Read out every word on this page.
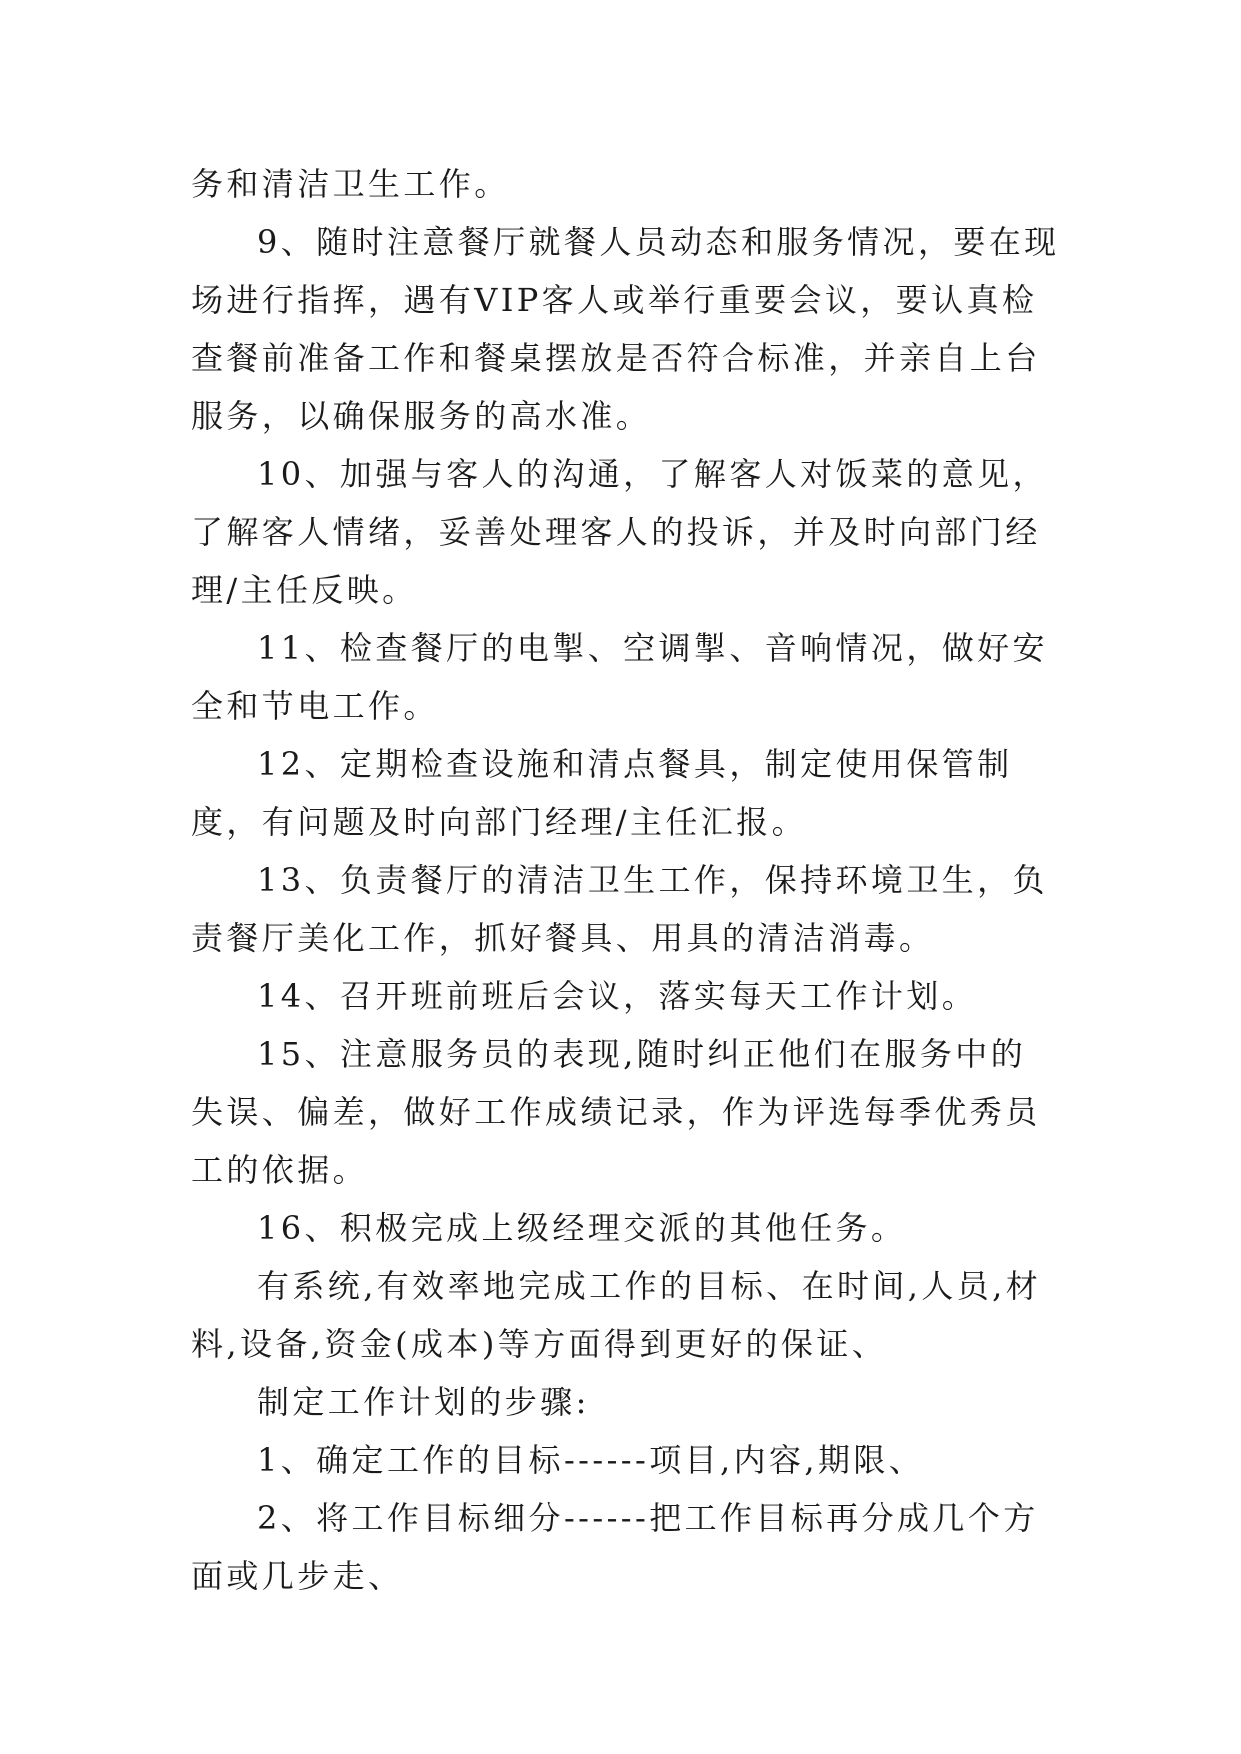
务和清洁卫生工作。

9、随时注意餐厅就餐人员动态和服务情况，要在现场进行指挥，遇有VIP客人或举行重要会议，要认真检查餐前准备工作和餐桌摆放是否符合标准，并亲自上台服务，以确保服务的高水准。

10、加强与客人的沟通，了解客人对饭菜的意见，了解客人情绪，妥善处理客人的投诉，并及时向部门经理/主任反映。

11、检查餐厅的电掣、空调掣、音响情况，做好安全和节电工作。

12、定期检查设施和清点餐具，制定使用保管制度，有问题及时向部门经理/主任汇报。

13、负责餐厅的清洁卫生工作，保持环境卫生，负责餐厅美化工作，抓好餐具、用具的清洁消毒。

14、召开班前班后会议，落实每天工作计划。

15、注意服务员的表现,随时纠正他们在服务中的失误、偏差，做好工作成绩记录，作为评选每季优秀员工的依据。

16、积极完成上级经理交派的其他任务。

有系统,有效率地完成工作的目标、在时间,人员,材料,设备,资金(成本)等方面得到更好的保证、

制定工作计划的步骤:

1、确定工作的目标------项目,内容,期限、

2、将工作目标细分------把工作目标再分成几个方面或几步走、
